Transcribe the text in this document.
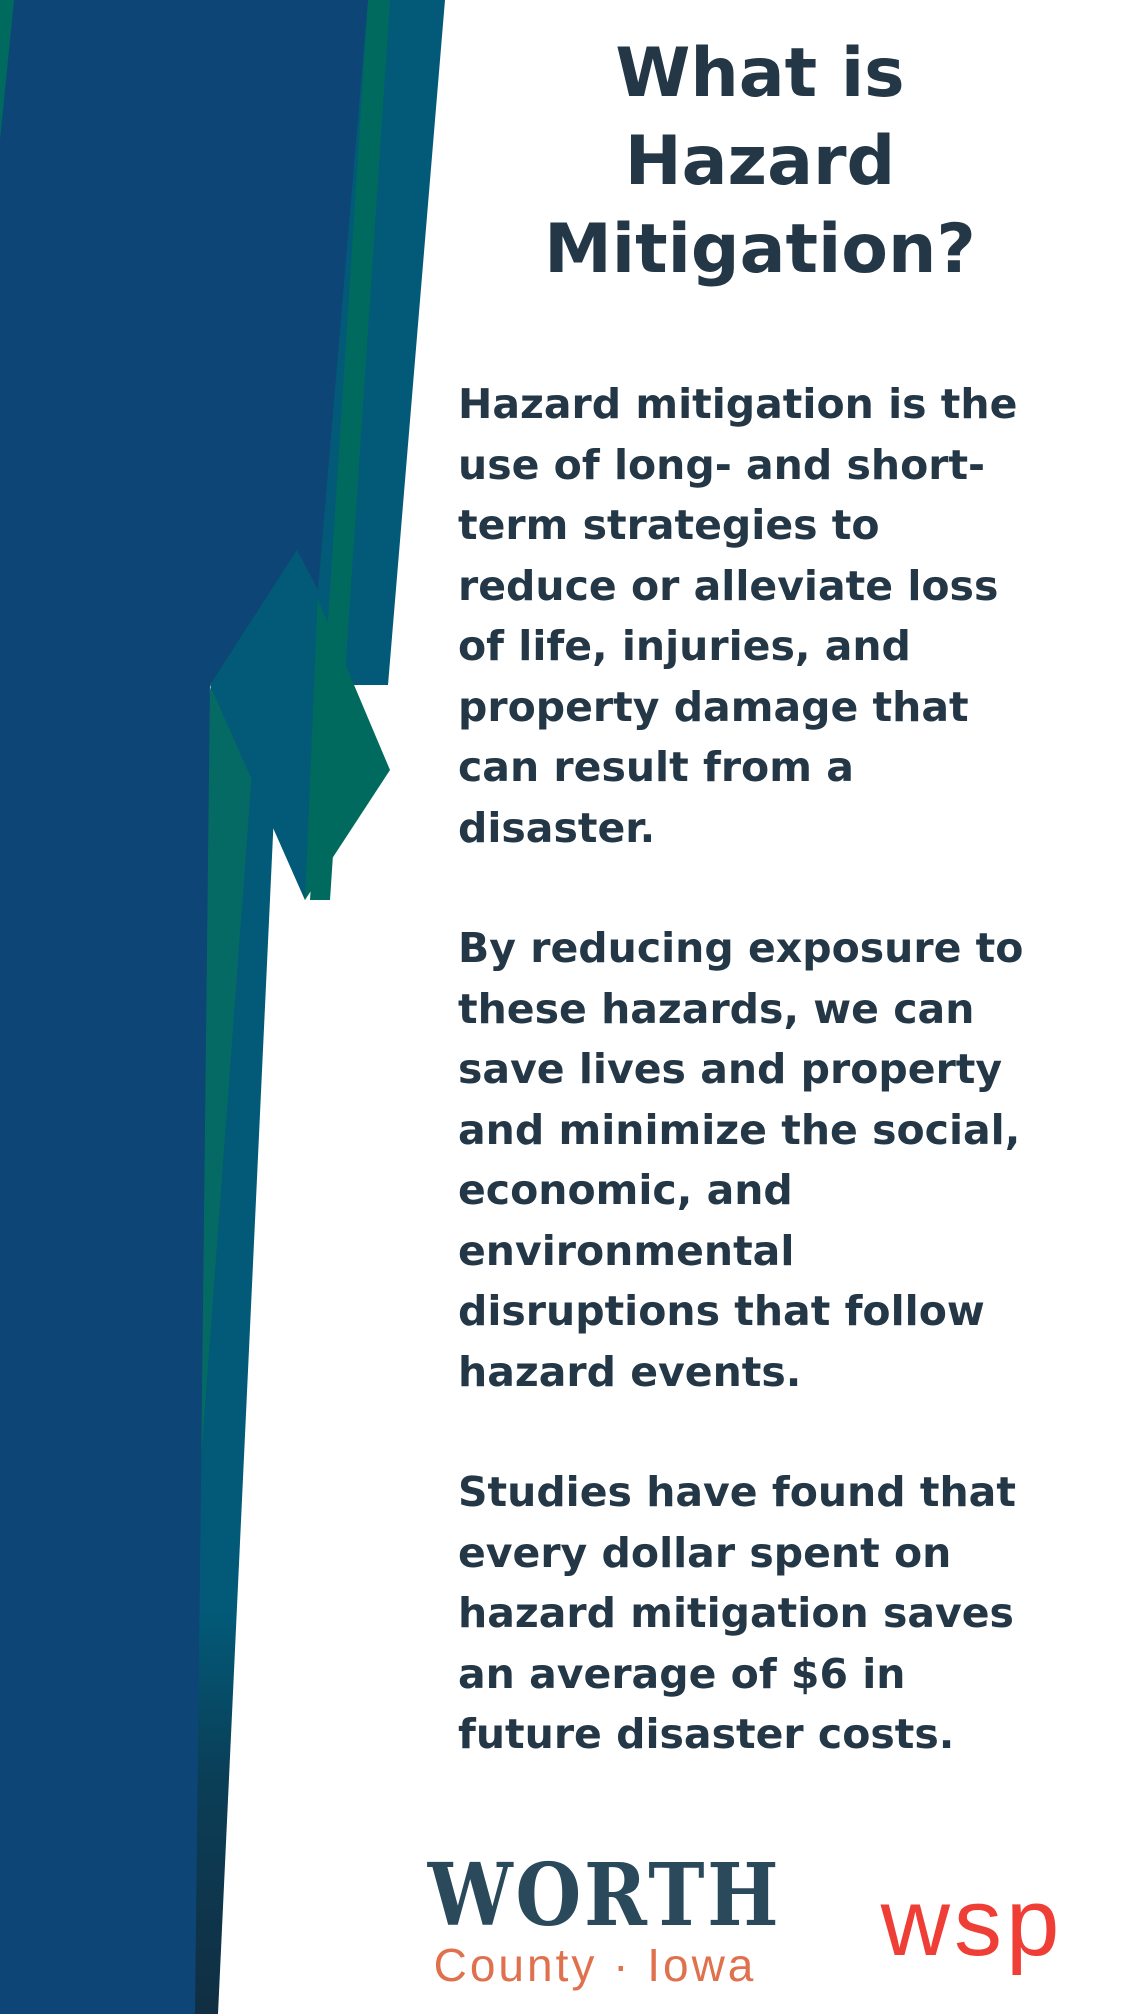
What is
Hazard
Mitigation?

Hazard mitigation is the
use of long- and short-
term strategies to
reduce or alleviate loss
of life, injuries, and
property damage that
can result from a
disaster.

By reducing exposure to
these hazards, we can
save lives and property
and minimize the social,
economic, and
environmental
disruptions that follow
hazard events.

Studies have found that
every dollar spent on
hazard mitigation saves
an average of $6 in
future disaster costs.

WORTH
County · Iowa wsp
